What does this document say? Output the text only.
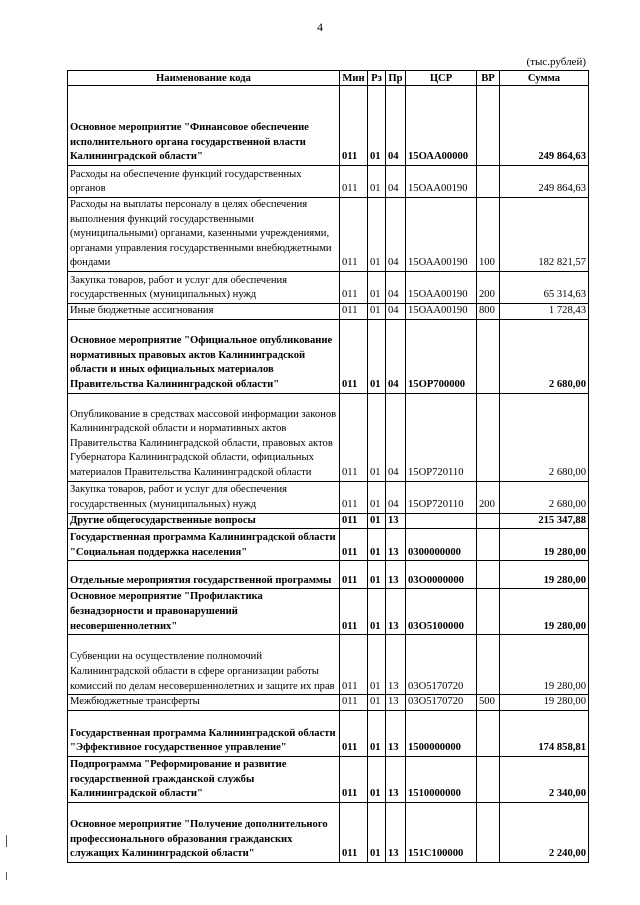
4
(тыс.рублей)
Наименование кода	Мин	Рз	Пр	ЦСР	ВР	Сумма
Основное мероприятие "Финансовое обеспечение исполнительного органа государственной власти Калининградской области"	011	01	04	15ОАА00000		249 864,63
Расходы на обеспечение функций государственных органов	011	01	04	15ОАА00190		249 864,63
Расходы на выплаты персоналу в целях обеспечения выполнения функций государственными (муниципальными) органами, казенными учреждениями, органами управления государственными внебюджетными фондами	011	01	04	15ОАА00190	100	182 821,57
Закупка товаров, работ и услуг для обеспечения государственных (муниципальных) нужд	011	01	04	15ОАА00190	200	65 314,63
Иные бюджетные ассигнования	011	01	04	15ОАА00190	800	1 728,43
Основное мероприятие "Официальное опубликование нормативных правовых актов Калининградской области и иных официальных материалов Правительства Калининградской области"	011	01	04	15ОР700000		2 680,00
Опубликование в средствах массовой информации законов Калининградской области и нормативных актов Правительства Калининградской области, правовых актов Губернатора Калининградской области, официальных материалов Правительства Калининградской области	011	01	04	15ОР720110		2 680,00
Закупка товаров, работ и услуг для обеспечения государственных (муниципальных) нужд	011	01	04	15ОР720110	200	2 680,00
Другие общегосударственные вопросы	011	01	13			215 347,88
Государственная программа Калининградской области "Социальная поддержка населения"	011	01	13	0300000000		19 280,00
Отдельные мероприятия государственной программы	011	01	13	03О0000000		19 280,00
Основное мероприятие "Профилактика безнадзорности и правонарушений несовершеннолетних"	011	01	13	03О5100000		19 280,00
Субвенции на осуществление полномочий Калининградской области в сфере организации работы комиссий по делам несовершеннолетних и защите их прав	011	01	13	03О5170720		19 280,00
Межбюджетные трансферты	011	01	13	03О5170720	500	19 280,00
Государственная программа Калининградской области "Эффективное государственное управление"	011	01	13	1500000000		174 858,81
Подпрограмма "Реформирование и развитие государственной гражданской службы Калининградской области"	011	01	13	1510000000		2 340,00
Основное мероприятие "Получение дополнительного профессионального образования гражданских служащих Калининградской области"	011	01	13	151С100000		2 240,00
